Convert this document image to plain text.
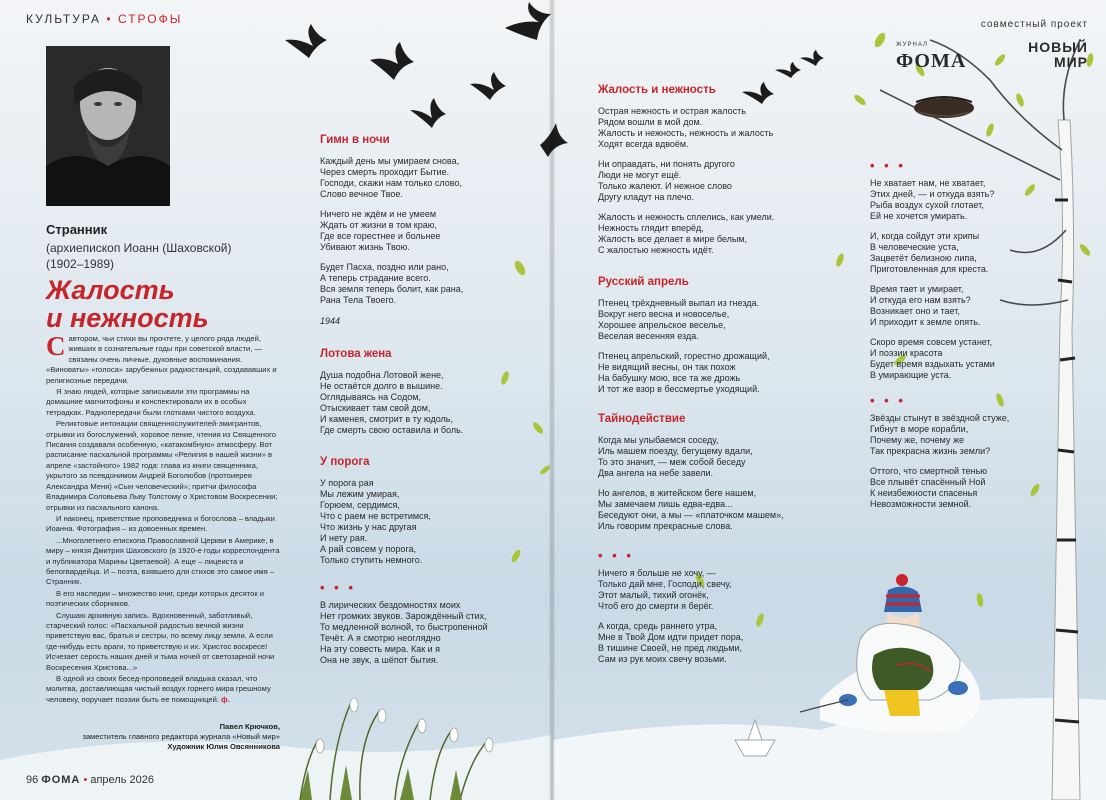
КУЛЬТУРА • СТРОФЫ
Странник
(архиепископ Иоанн (Шаховской)
(1902–1989)
Жалость
и нежность

Савтором, чьи стихи вы прочтете, у целого ряда людей, живших в сознательные годы при советской власти, — связаны очень личные, духовные воспоминания. «Виноваты» «голоса» зарубежных радиостанций, создававших и религиозные передачи.

Я знаю людей, которые записывали эти программы на домашние магнитофоны и конспектировали их в особых тетрадках. Радиопередачи были глотками чистого воздуха.

Реликтовые интонации священнослужителей-эмигрантов, отрывки из богослужений, хоровое пение, чтения из Священного Писания создавали особенную, «катакомбную» атмосферу. Вот расписание пасхальной программы «Религия в нашей жизни» в апреле «застойного» 1982 года: глава из книги священника, укрытого за псевдонимом Андрей Боголюбов (протоиерея Александра Меня) «Сын человеческий»; притчи философа Владимира Соловьева Льву Толстому о Христовом Воскресении; отрывки из пасхального канона.

И наконец, приветствие проповедника и богослова – владыки Иоанна. Фотография – из довоенных времен.

...Многолетнего епископа Православной Церкви в Америке, в миру – князя Дмитрия Шаховского (в 1920-е годы корреспондента и публикатора Марины Цветаевой). А еще – лицеиста и белогвардейца. И – поэта, взявшего для стихов это самое имя – Странник.

В его наследии – множество книг, среди которых десяток и поэтических сборников.

Слушаю архивную запись. Вдохновенный, заботливый, старческий голос: «Пасхальной радостью вечной жизни приветствую вас, братья и сестры, по всему лицу земли. А если где-нибудь есть враги, то приветствую и их. Христос воскресе! Исчезает серость наших дней и тьма ночей от светозарной ночи Воскресения Христова...»

В одной из своих бесед-проповедей владыка сказал, что молитва, доставляющая чистый воздух горнего мира грешному человеку, поручает поэзии быть ее помощницей. ф.

Павел Крючков,
заместитель главного редактора журнала «Новый мир»
Художник Юлия Овсянникова
96 ФОМА • апрель 2026
Гимн в ночи
Каждый день мы умираем снова,
Через смерть проходит Бытие.
Господи, скажи нам только слово,
Слово вечное Твое.
Ничего не ждём и не умеем
Ждать от жизни в том краю,
Где все горестнее и больнее
Убивают жизнь Твою.
Будет Пасха, поздно или рано,
А теперь страдание всего.
Вся земля теперь болит, как рана,
Рана Тела Твоего.
1944
Лотова жена
Душа подобна Лотовой жене,
Не остаётся долго в вышине.
Оглядываясь на Содом,
Отыскивает там свой дом,
И каменея, смотрит в ту юдоль,
Где смерть свою оставила и боль.
У порога
У порога рая
Мы лежим умирая,
Горюем, сердимся,
Что с раем не встретимся,
Что жизнь у нас другая
И нету рая.
А рай совсем у порога,
Только ступить немного.
• • •
В лирических бездомностях моих
Нет громких звуков. Зарождённый стих,
То медленной волной, то быстропенной
Течёт. А я смотрю неоглядно
На эту совесть мира. Как и я
Она не звук, а шёпот бытия.
совместный проект
ЖУРНАЛ
ФОМА
НОВЫЙ
МИР
Жалость и нежность
Острая нежность и острая жалость
Рядом вошли в мой дом.
Жалость и нежность, нежность и жалость
Ходят всегда вдвоём.
Ни оправдать, ни понять другого
Люди не могут ещё.
Только жалеют. И нежное слово
Другу кладут на плечо.
Жалость и нежность сплелись, как умели.
Нежность глядит вперёд,
Жалость все делает в мире белым,
С жалостью нежность идёт.
Русский апрель
Птенец трёхдневный выпал из гнезда.
Вокруг него весна и новоселье,
Хорошее апрельское веселье,
Веселая весенняя езда.
Птенец апрельский, горестно дрожащий,
Не видящий весны, он так похож
На бабушку мою, все та же дрожь
И тот же взор в бессмертье уходящий.
Тайнодействие
Когда мы улыбаемся соседу,
Иль машем поезду, бегущему вдали,
То это значит, — меж собой беседу
Два ангела на небе завели.
Но ангелов, в житейском беге нашем,
Мы замечаем лишь едва-едва...
Беседуют они, а мы — «платочком машем»,
Иль говорим прекрасные слова.
• • •
Ничего я больше не хочу, —
Только дай мне, Господи, свечу,
Этот малый, тихий огонёк,
Чтоб его до смерти я берёг.
А когда, средь раннего утра,
Мне в Твой Дом идти придет пора,
В тишине Своей, не пред людьми,
Сам из рук моих свечу возьми.
• • •
Не хватает нам, не хватает,
Этих дней, — и откуда взять?
Рыба воздух сухой глотает,
Ей не хочется умирать.
И, когда сойдут эти хрипы
В человеческие уста,
Зацветёт белизною липа,
Приготовленная для креста.
Время тает и умирает,
И откуда его нам взять?
Возникает оно и тает,
И приходит к земле опять.
Скоро время совсем устанет,
И поэзии красота
Будет время вздыхать устами
В умирающие уста.
• • •
Звёзды стынут в звёздной стуже,
Гибнут в море корабли,
Почему же, почему же
Так прекрасна жизнь земли?
Оттого, что смертной тенью
Все плывёт спасённый Ной
К неизбежности спасенья
Невозможности земной.
